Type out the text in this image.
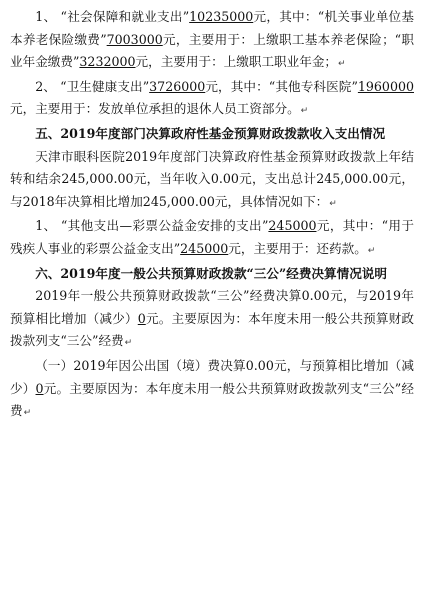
1、 “社会保障和就业支出”10235000元，其中：“机关事业单位基本养老保险缴费”7003000元，主要用于：上缴职工基本养老保险；“职业年金缴费”3232000元，主要用于：上缴职工职业年金；↵

2、 “卫生健康支出”3726000元，其中：“其他专科医院”1960000元，主要用于：发放单位承担的退休人员工资部分。↵

五、2019年度部门决算政府性基金预算财政拨款收入支出情况

天津市眼科医院2019年度部门决算政府性基金预算财政拨款上年结转和结余245,000.00元，当年收入0.00元，支出总计245,000.00元，与2018年决算相比增加245,000.00元，具体情况如下：↵

1、 “其他支出—彩票公益金安排的支出”245000元，其中：“用于残疾人事业的彩票公益金支出”245000元，主要用于：还药款。↵

六、2019年度一般公共预算财政拨款“三公”经费决算情况说明

2019年一般公共预算财政拨款“三公”经费决算0.00元，与2019年预算相比增加（减少）0元。主要原因为：本年度未用一般公共预算财政拨款列支“三公”经费↵

（一）2019年因公出国（境）费决算0.00元，与预算相比增加（减少）0元。主要原因为：本年度未用一般公共预算财政拨款列支“三公”经费↵
